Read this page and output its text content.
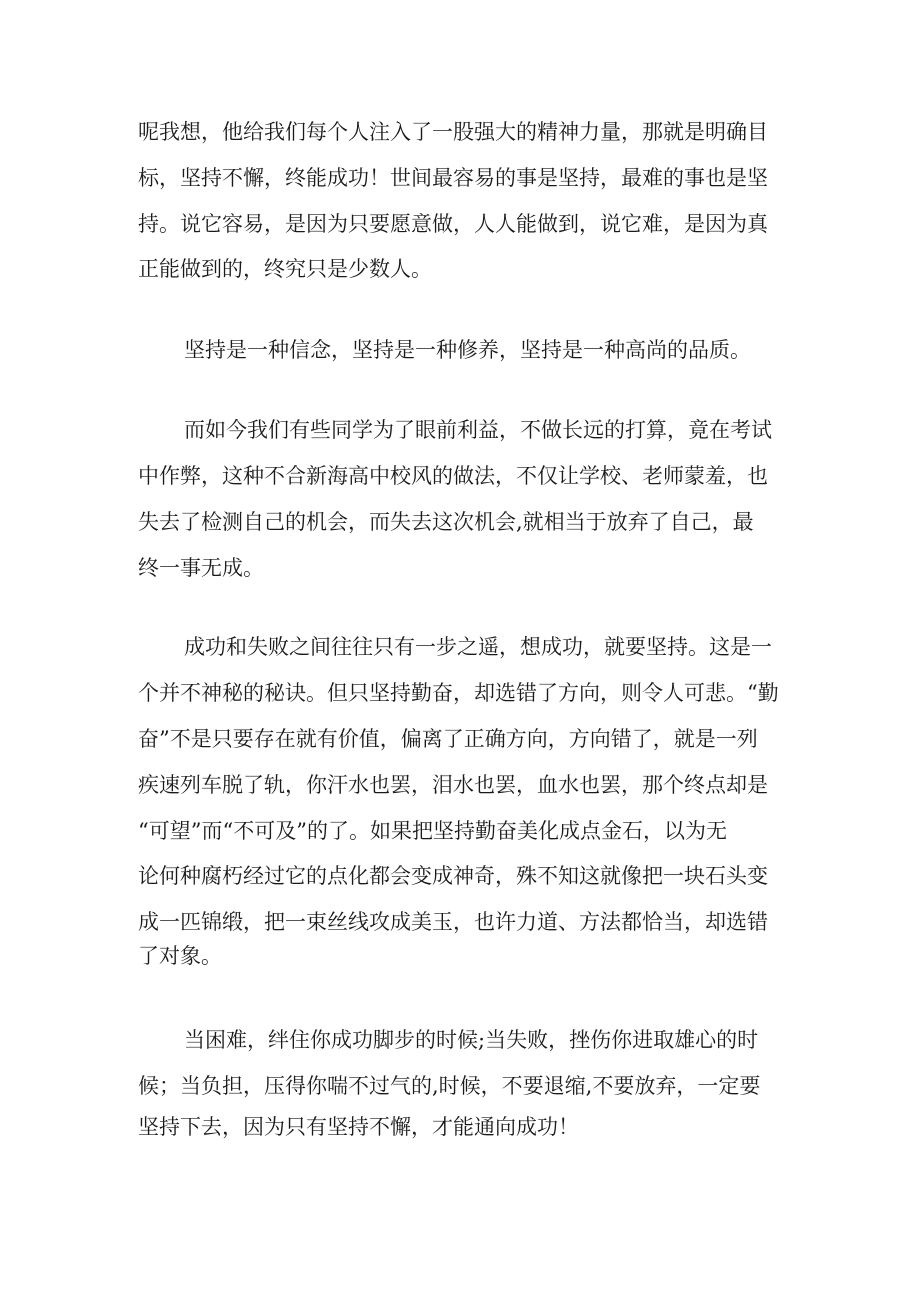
呢我想，他给我们每个人注入了一股强大的精神力量，那就是明确目
标，坚持不懈，终能成功！世间最容易的事是坚持，最难的事也是坚
持。说它容易，是因为只要愿意做，人人能做到，说它难，是因为真
正能做到的，终究只是少数人。
坚持是一种信念，坚持是一种修养，坚持是一种高尚的品质。
而如今我们有些同学为了眼前利益，不做长远的打算，竟在考试
中作弊，这种不合新海高中校风的做法，不仅让学校、老师蒙羞，也
失去了检测自己的机会，而失去这次机会,就相当于放弃了自己，最
终一事无成。
成功和失败之间往往只有一步之遥，想成功，就要坚持。这是一
个并不神秘的秘诀。但只坚持勤奋，却选错了方向，则令人可悲。“勤
奋”不是只要存在就有价值，偏离了正确方向，方向错了，就是一列
疾速列车脱了轨，你汗水也罢，泪水也罢，血水也罢，那个终点却是
“可望”而“不可及”的了。如果把坚持勤奋美化成点金石，以为无
论何种腐朽经过它的点化都会变成神奇，殊不知这就像把一块石头变
成一匹锦缎，把一束丝线攻成美玉，也许力道、方法都恰当，却选错
了对象。
当困难，绊住你成功脚步的时候;当失败，挫伤你进取雄心的时
候；当负担，压得你喘不过气的,时候，不要退缩,不要放弃，一定要
坚持下去，因为只有坚持不懈，才能通向成功！
